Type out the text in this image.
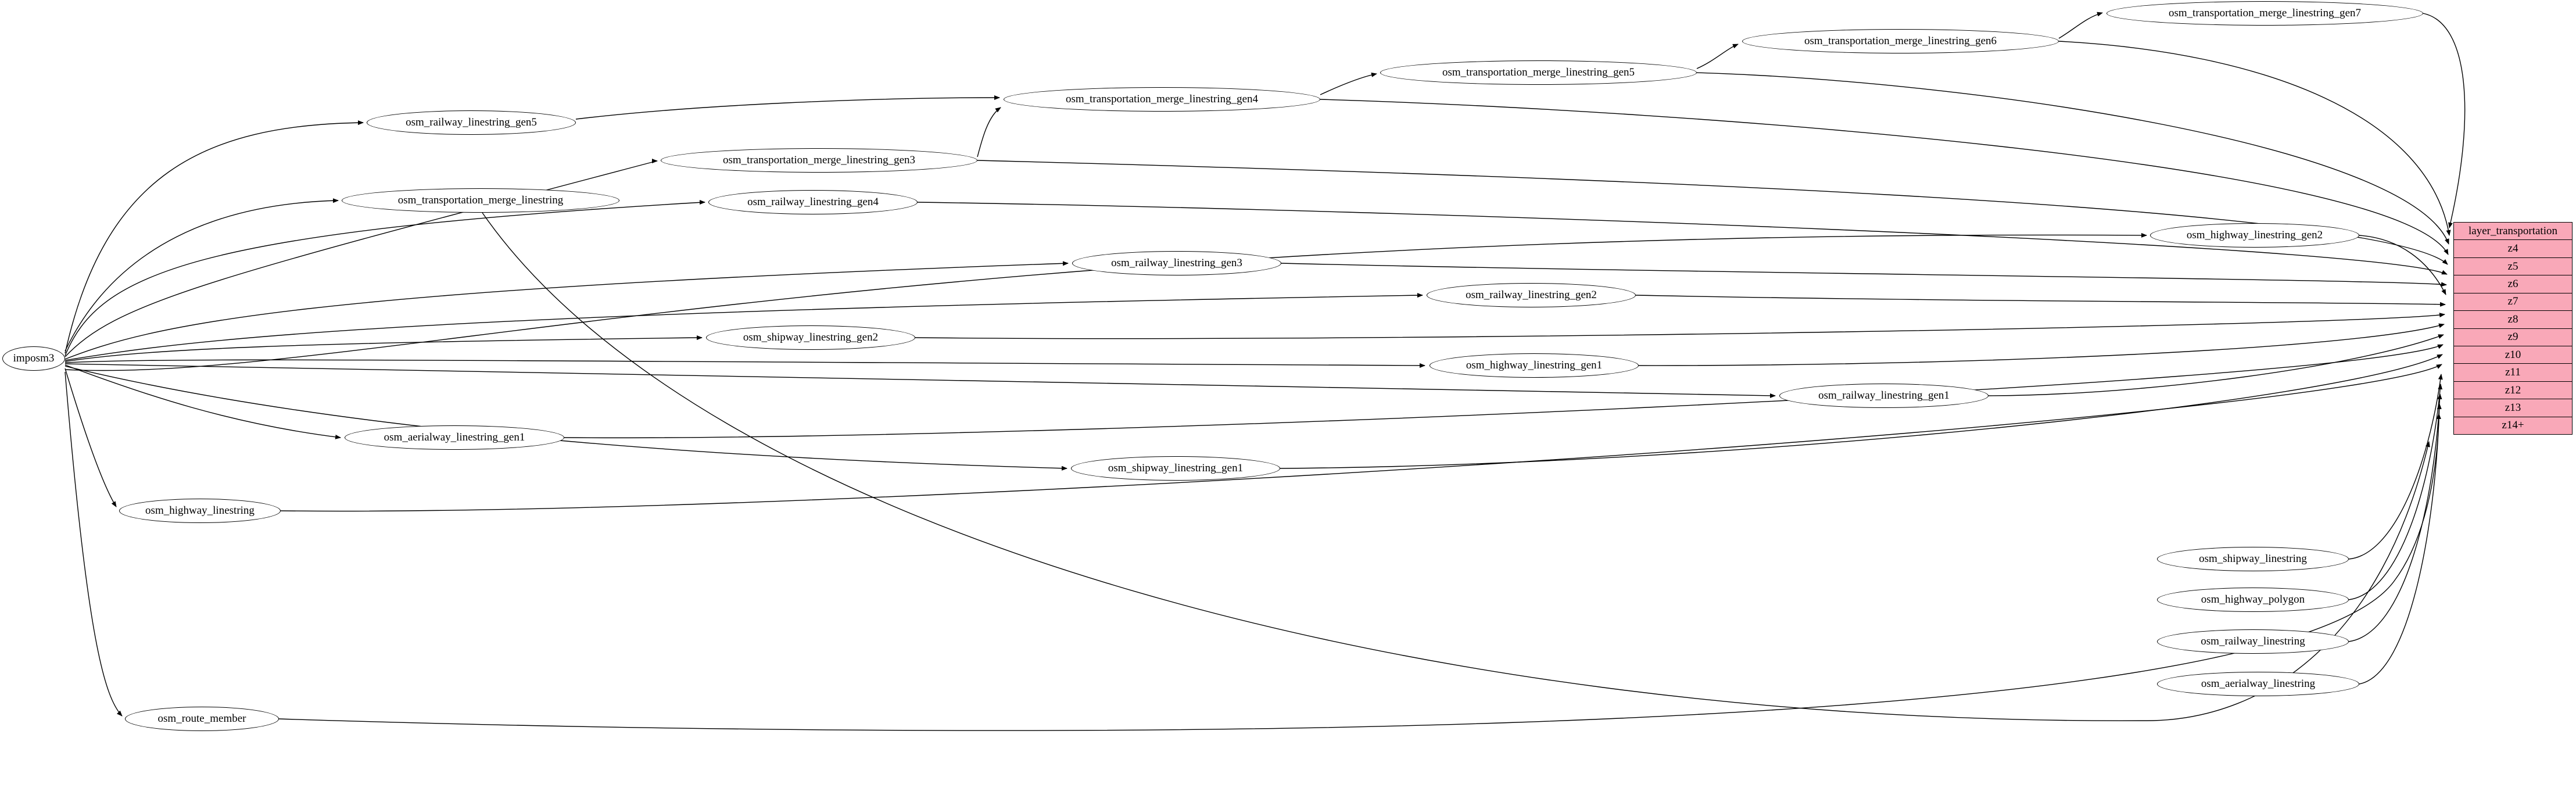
imposm3
osm_railway_linestring_gen5
osm_transportation_merge_linestring_gen7
osm_transportation_merge_linestring_gen6
osm_transportation_merge_linestring_gen5
osm_transportation_merge_linestring_gen4
osm_transportation_merge_linestring_gen3
osm_transportation_merge_linestring	osm_railway_linestring_gen4
osm_highway_linestring_gen2
osm_railway_linestring_gen3
osm_railway_linestring_gen2
osm_shipway_linestring_gen2
osm_highway_linestring_gen1
osm_railway_linestring_gen1
osm_aerialway_linestring_gen1
osm_shipway_linestring_gen1
osm_highway_linestring
osm_shipway_linestring
osm_highway_polygon
osm_railway_linestring
osm_aerialway_linestring
osm_route_member
layer_transportation
z4
z5
z6
z7
z8
z9
z10
z11
z12
z13
z14+
